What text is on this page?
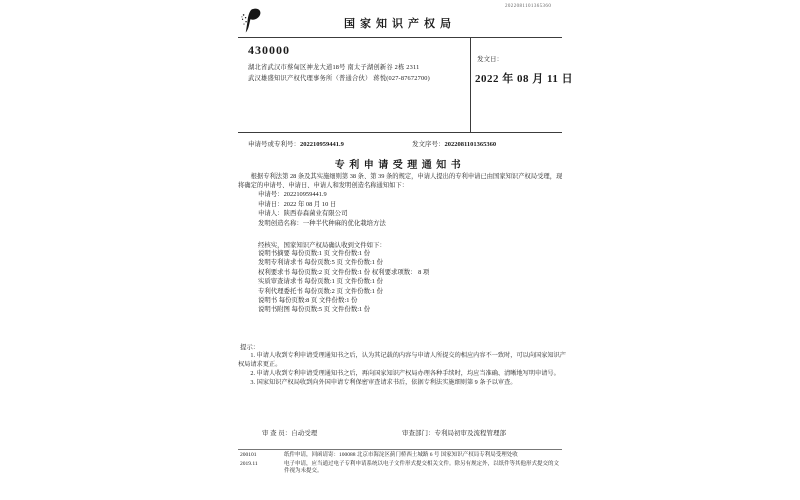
国家知识产权局
2022081101365360
430000
湖北省武汉市蔡甸区神龙大道18号 南太子湖创新谷 2栋 2311
武汉雄盛知识产权代理事务所（普通合伙） 蒋悦(027-87672700)
发文日：
2022 年 08 月 11 日
申请号或专利号：202210959441.9	发文序号：2022081101365360
专利申请受理通知书
根据专利法第 28 条及其实施细则第 38 条、第 39 条的规定，申请人提出的专利申请已由国家知识产权局受理，现将确定的申请号、申请日、申请人和发明创造名称通知如下：
申请号：202210959441.9
申请日：2022 年 08 月 10 日
申请人：陕西春森菌业有限公司
发明创造名称：一种半代种麻的优化栽培方法
经核实，国家知识产权局确认收到文件如下：
说明书摘要 每份页数:1 页 文件份数:1 份
发明专利请求书 每份页数:5 页 文件份数:1 份
权利要求书 每份页数:2 页 文件份数:1 份 权利要求项数： 8 项
实质审查请求书 每份页数:1 页 文件份数:1 份
专利代理委托书 每份页数:2 页 文件份数:1 份
说明书 每份页数:8 页 文件份数:1 份
说明书附图 每份页数:5 页 文件份数:1 份
提示：

1. 申请人收到专利申请受理通知书之后，认为其记载的内容与申请人所提交的相应内容不一致时，可以向国家知识产权局请求更正。

2. 申请人收到专利申请受理通知书之后，再向国家知识产权局办理各种手续时，均应当准确、清晰地写明申请号。

3. 国家知识产权局收到向外国申请专利保密审查请求书后，依据专利法实施细则第 9 条予以审查。

审 查 员：自动受理	审查部门：专利局初审及流程管理部
200101	纸件申请，回函请寄：100088 北京市海淀区蓟门桥西土城路 6 号 国家知识产权局专利局受理处收
2019.11	电子申请，应当通过电子专利申请系统以电子文件形式提交相关文件。除另有规定外，以纸件等其他形式提交的文件视为未提交。
